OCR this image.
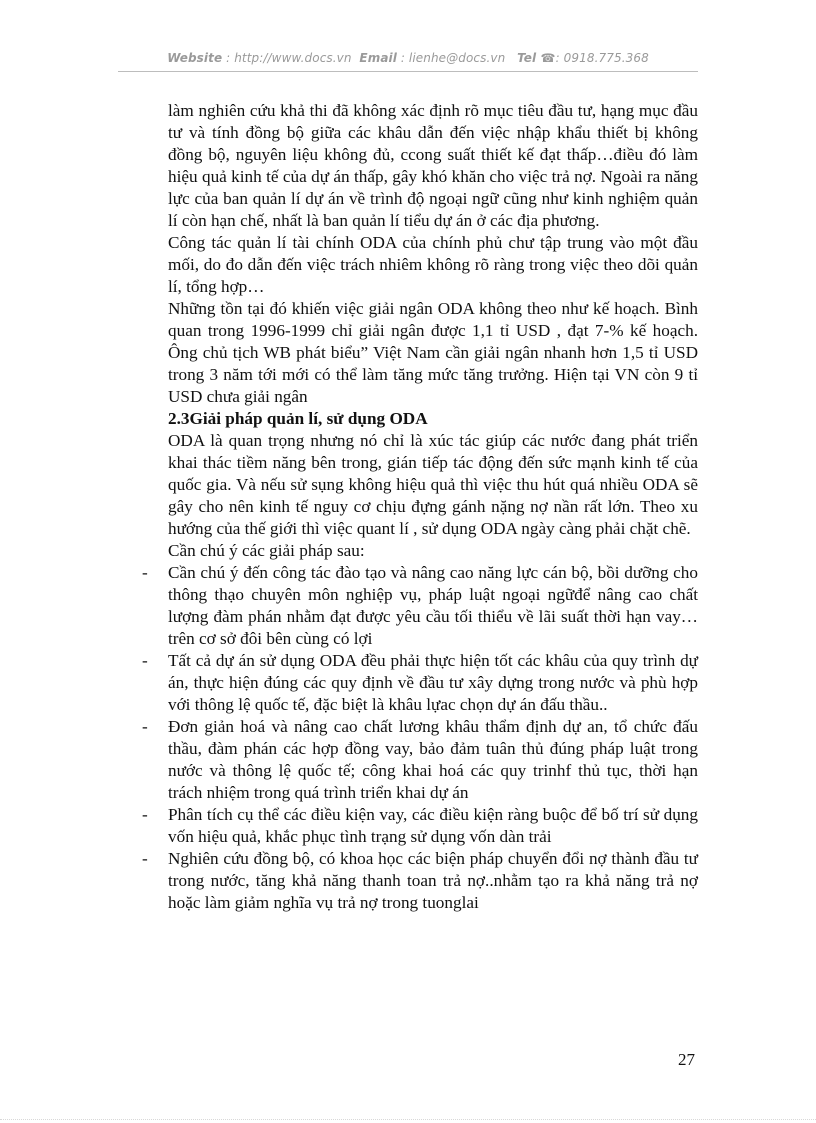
Website : http://www.docs.vn Email : lienhe@docs.vn Tel ☎: 0918.775.368

làm nghiên cứu khả thi đã không xác định rõ mục tiêu đầu tư, hạng mục đầu tư và tính đồng bộ giữa các khâu dẫn đến việc nhập khẩu thiết bị không đồng bộ, nguyên liệu không đủ, ccong suất thiết kế đạt thấp…điều đó làm hiệu quả kinh tế của dự án thấp, gây khó khăn cho việc trả nợ. Ngoài ra năng lực của ban quản lí dự án về trình độ ngoại ngữ cũng như kinh nghiệm quản lí còn hạn chế, nhất là ban quản lí tiểu dự án ở các địa phương.

Công tác quản lí tài chính ODA của chính phủ chư tập trung vào một đầu mối, do đo dẫn đến việc trách nhiêm không rõ ràng trong việc theo dõi quản lí, tổng hợp…

Những tồn tại đó khiến việc giải ngân ODA không theo như kế hoạch. Bình quan trong 1996-1999 chỉ giải ngân được 1,1 tỉ USD , đạt 7-% kế hoạch. Ông chủ tịch WB phát biểu” Việt Nam cần giải ngân nhanh hơn 1,5 tỉ USD trong 3 năm tới mới có thể làm tăng mức tăng trưởng. Hiện tại VN còn 9 tỉ USD chưa giải ngân

2.3Giải pháp quản lí, sử dụng ODA

ODA là quan trọng nhưng nó chỉ là xúc tác giúp các nước đang phát triển khai thác tiềm năng bên trong, gián tiếp tác động đến sức mạnh kinh tế của quốc gia. Và nếu sử sụng không hiệu quả thì việc thu hút quá nhiều ODA sẽ gây cho nên kinh tế nguy cơ chịu đựng gánh nặng nợ nần rất lớn. Theo xu hướng của thế giới thì việc quant lí , sử dụng ODA ngày càng phải chặt chẽ.

Cần chú ý các giải pháp sau:

- Cần chú ý đến công tác đào tạo và nâng cao năng lực cán bộ, bồi dưỡng cho thông thạo chuyên môn nghiệp vụ, pháp luật ngoại ngữđể nâng cao chất lượng đàm phán nhằm đạt được yêu cầu tối thiểu về lãi suất thời hạn vay…trên cơ sở đôi bên cùng có lợi
- Tất cả dự án sử dụng ODA đều phải thực hiện tốt các khâu của quy trình dự án, thực hiện đúng các quy định về đầu tư xây dựng trong nước và phù hợp với thông lệ quốc tế, đặc biệt là khâu lựac chọn dự án đấu thầu..
- Đơn giản hoá và nâng cao chất lương khâu thẩm định dự an, tổ chức đấu thầu, đàm phán các hợp đồng vay, bảo đảm tuân thủ đúng pháp luật trong nước và thông lệ quốc tế; công khai hoá các quy trinhf thủ tục, thời hạn trách nhiệm trong quá trình triển khai dự án
- Phân tích cụ thể các điều kiện vay, các điều kiện ràng buộc để bố trí sử dụng vốn hiệu quả, khắc phục tình trạng sử dụng vốn dàn trải
- Nghiên cứu đồng bộ, có khoa học các biện pháp chuyển đổi nợ thành đầu tư trong nước, tăng khả năng thanh toan trả nợ..nhằm tạo ra khả năng trả nợ hoặc làm giảm nghĩa vụ trả nợ trong tuonglai
27
